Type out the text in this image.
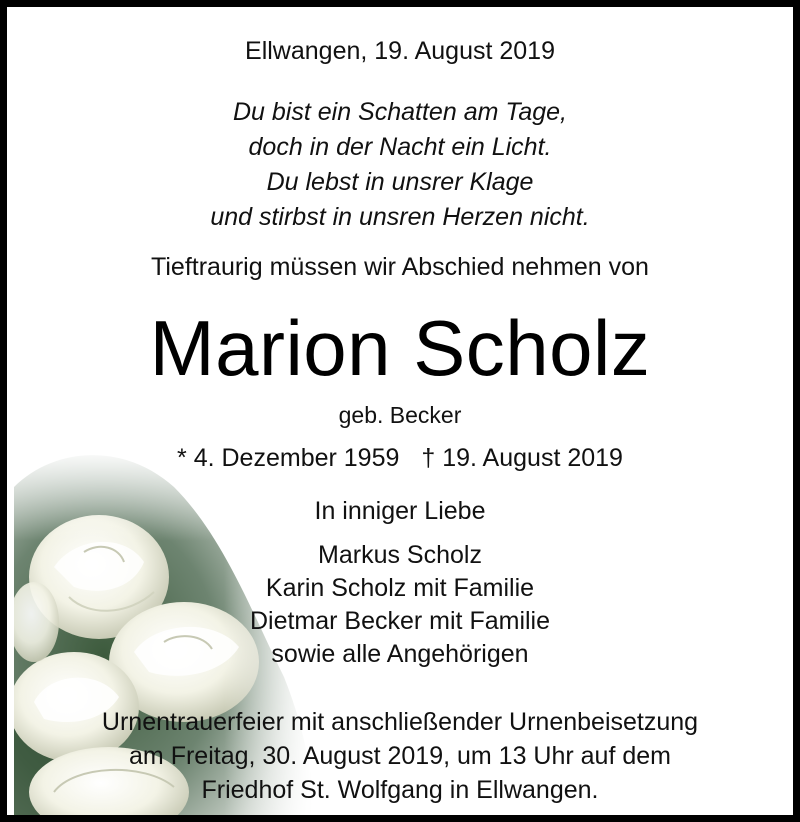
Ellwangen, 19. August 2019
Du bist ein Schatten am Tage,
doch in der Nacht ein Licht.
Du lebst in unsrer Klage
und stirbst in unsren Herzen nicht.
Tieftraurig müssen wir Abschied nehmen von
Marion Scholz
geb. Becker
* 4. Dezember 1959 † 19. August 2019
In inniger Liebe
Markus Scholz
Karin Scholz mit Familie
Dietmar Becker mit Familie
sowie alle Angehörigen
Urnentrauerfeier mit anschließender Urnenbeisetzung
am Freitag, 30. August 2019, um 13 Uhr auf dem
Friedhof St. Wolfgang in Ellwangen.
